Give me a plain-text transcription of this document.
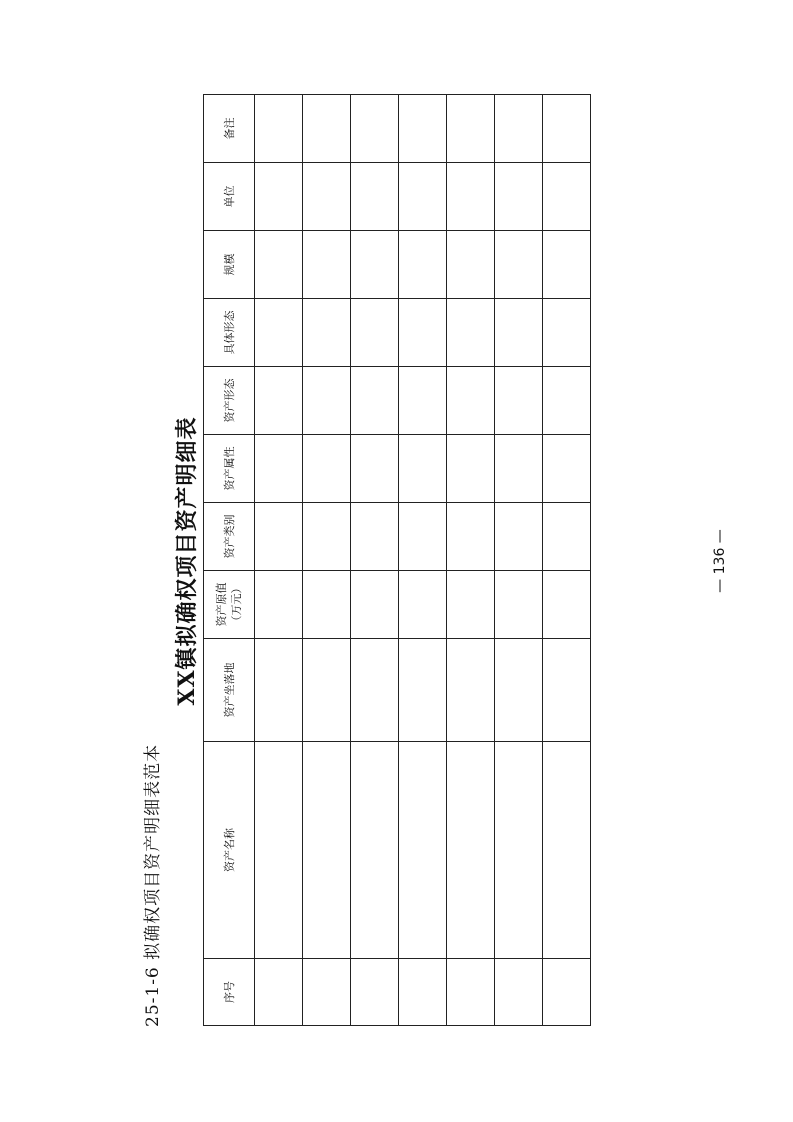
25-1-6 拟确权项目资产明细表范本
XX镇拟确权项目资产明细表
序号	资产名称	资产坐落地	资产原值 （万元）	资产类别	资产属性	资产形态	具体形态	规模	单位	备注

— 136 —
